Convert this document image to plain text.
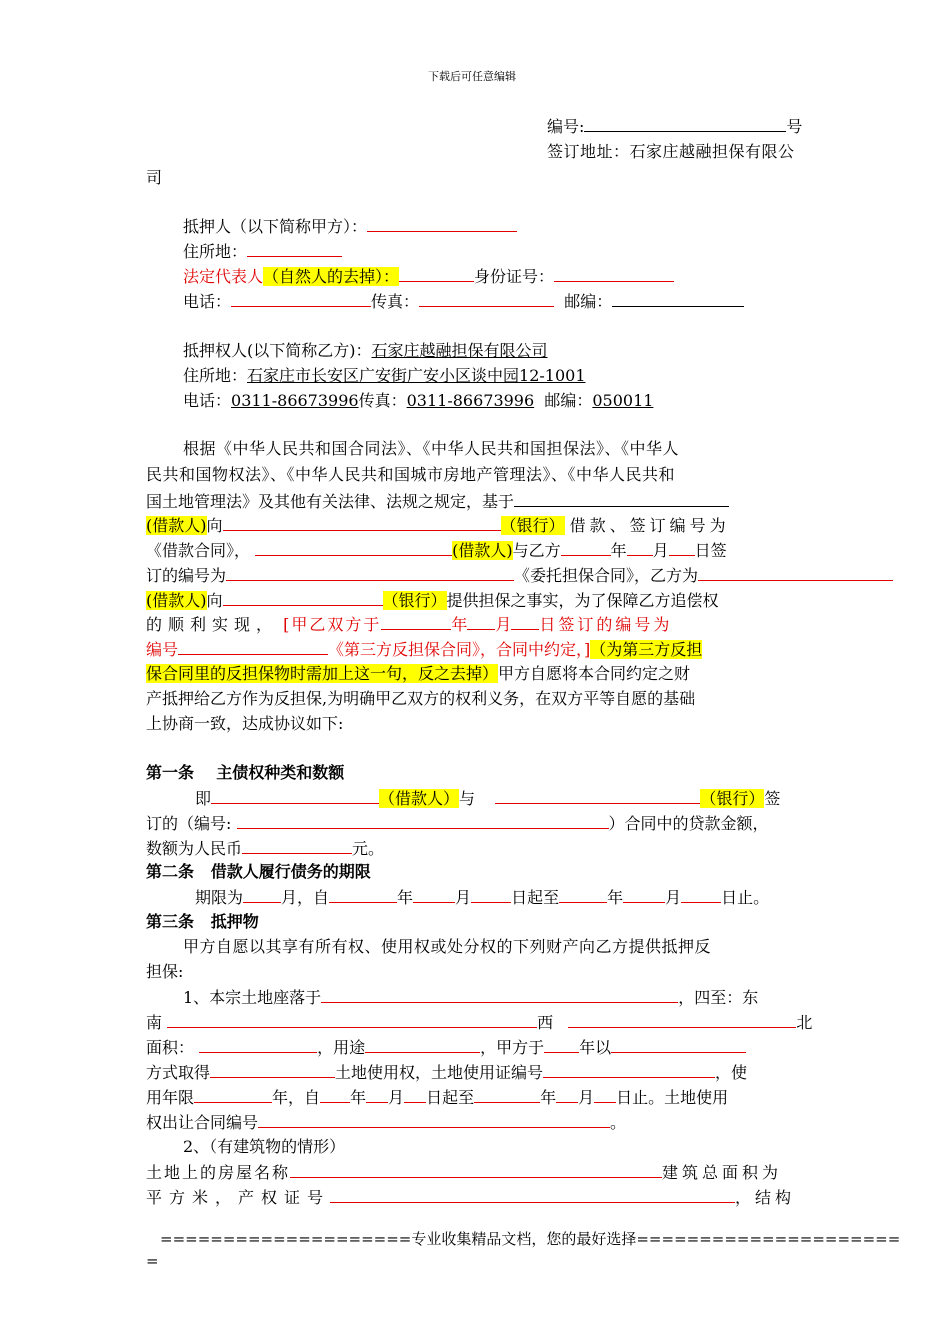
下载后可任意编辑
编号:	号
签订地址：石家庄越融担保有限公
司
抵押人（以下简称甲方）：
住所地：
法定代表人（自然人的去掉）：	身份证号：
电话：	传真：	邮编：
抵押权人(以下简称乙方)：石家庄越融担保有限公司
住所地：石家庄市长安区广安街广安小区谈中园12-1001
电话：0311-86673996传真：0311-86673996 邮编：050011
根据《中华人民共和国合同法》、《中华人民共和国担保法》、《中华人
民共和国物权法》、《中华人民共和国城市房地产管理法》、《中华人民共和
国土地管理法》及其他有关法律、法规之规定，基于
(借款人)向	（银行） 借款、签订编号为
《借款合同》，	(借款人)与乙方	年 月 日签
订的编号为	《委托担保合同》，乙方为
(借款人)向	（银行）提供担保之事实，为了保障乙方追偿权
的顺利实现， [甲乙双方于	年 月 日签订的编号为
编号	《第三方反担保合同》，合同中约定，]（为第三方反担
保合同里的反担保物时需加上这一句，反之去掉）甲方自愿将本合同约定之财
产抵押给乙方作为反担保,为明确甲乙双方的权利义务，在双方平等自愿的基础
上协商一致，达成协议如下:
第一条    主债权种类和数额
即	（借款人）与	（银行）签
订的（编号:	）合同中的贷款金额，
数额为人民币	元。
第二条   借款人履行债务的期限
期限为 月，自	年	月	日起至	年	月	日止。
第三条   抵押物
甲方自愿以其享有所有权、使用权或处分权的下列财产向乙方提供抵押反
担保:
1、本宗土地座落于	，四至：东
南	西	北
面积：	，用途	，甲方于 年以
方式取得	土地使用权，土地使用证编号	，使
用年限	年，自 年 月 日起至	年 月 日止。土地使用
权出让合同编号	。
2、（有建筑物的情形）
土地上的房屋名称	建筑总面积为
平方米，产权证号	，结构
====================专业收集精品文档，您的最好选择=====================
=
